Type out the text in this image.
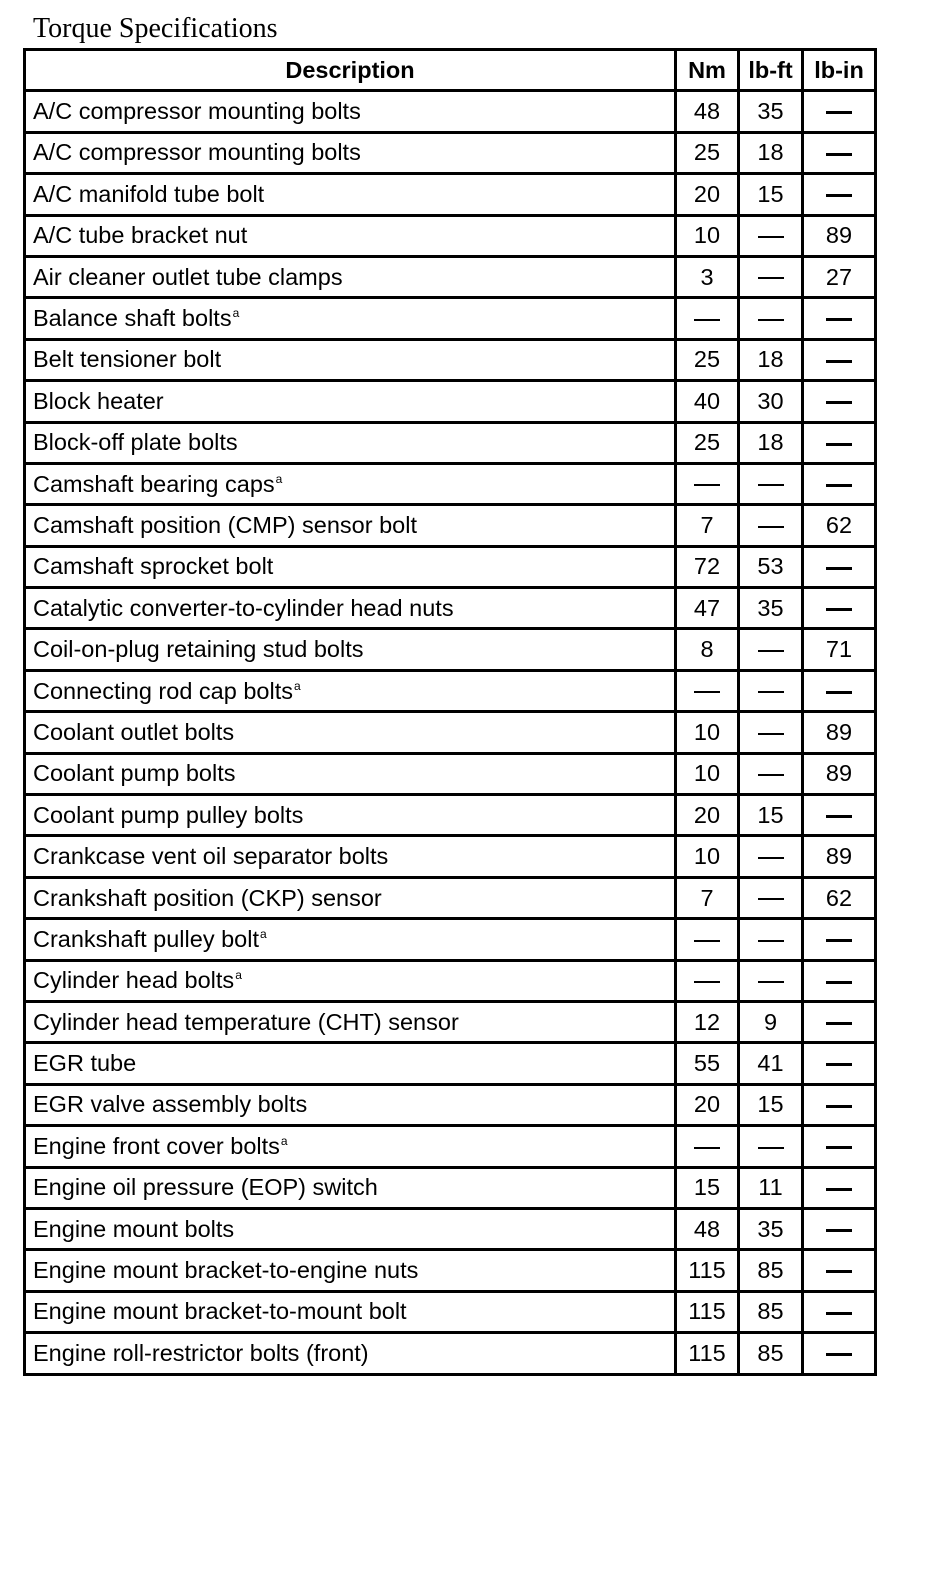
Torque Specifications
Description	Nm	lb-ft	lb-in
A/C compressor mounting bolts	48	35	
A/C compressor mounting bolts	25	18	
A/C manifold tube bolt	20	15	
A/C tube bracket nut	10		89
Air cleaner outlet tube clamps	3		27
Balance shaft bolts$^a$			
Belt tensioner bolt	25	18	
Block heater	40	30	
Block-off plate bolts	25	18	
Camshaft bearing caps$^a$			
Camshaft position (CMP) sensor bolt	7		62
Camshaft sprocket bolt	72	53	
Catalytic converter-to-cylinder head nuts	47	35	
Coil-on-plug retaining stud bolts	8		71
Connecting rod cap bolts$^a$			
Coolant outlet bolts	10		89
Coolant pump bolts	10		89
Coolant pump pulley bolts	20	15	
Crankcase vent oil separator bolts	10		89
Crankshaft position (CKP) sensor	7		62
Crankshaft pulley bolt$^a$			
Cylinder head bolts$^a$			
Cylinder head temperature (CHT) sensor	12	9	
EGR tube	55	41	
EGR valve assembly bolts	20	15	
Engine front cover bolts$^a$			
Engine oil pressure (EOP) switch	15	11	
Engine mount bolts	48	35	
Engine mount bracket-to-engine nuts	115	85	
Engine mount bracket-to-mount bolt	115	85	
Engine roll-restrictor bolts (front)	115	85	
